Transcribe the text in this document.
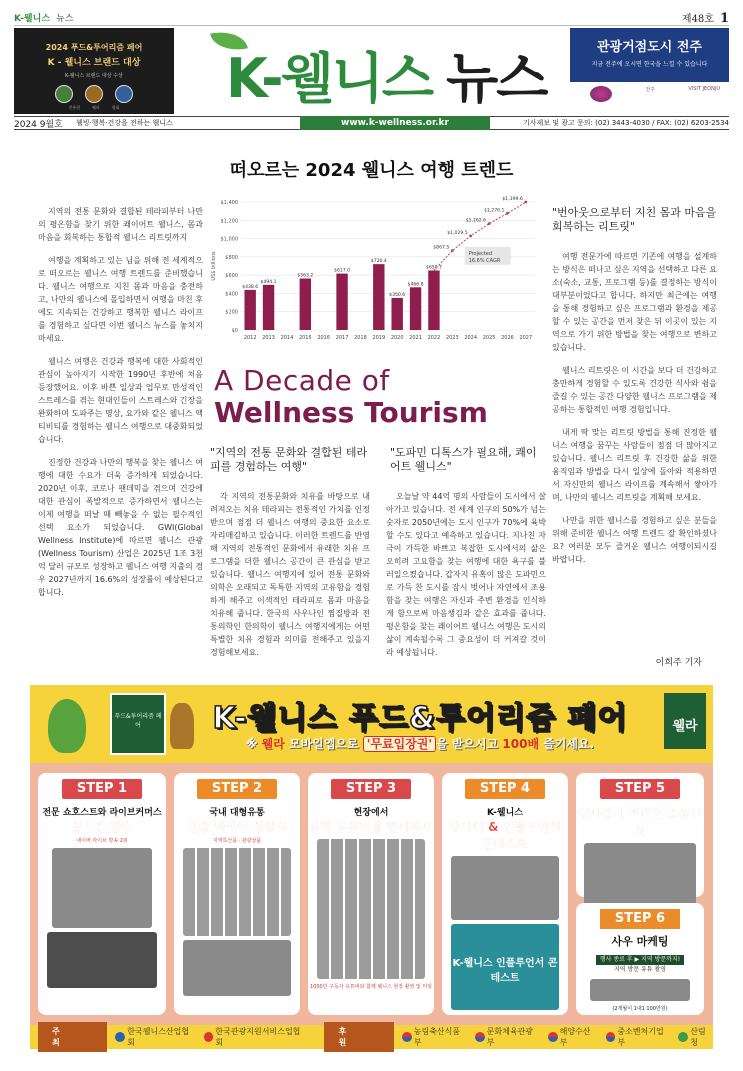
K-웰니스 뉴스	제48호 1
2024 푸드&투어리즘 페어
K - 웰니스 브랜드 대상
K-웰니스 브랜드 대상 수상
진흥원	웰라	협회 K-웰니스 뉴스	관광거점도시 전주
지금 전주에 오시면 한국을 느낄 수 있습니다
전주	VISIT JEONJU
2024 9월호	웰빙·행복·건강을 전하는 웰니스	www.k-wellness.or.kr	기사제보 및 광고 문의: (02) 3443-4030 / FAX: (02) 6203-2534
떠오르는 2024 웰니스 여행 트렌드

지역의 전통 문화와 결합된 테라피부터 나만의 평온함을 찾기 위한 쾌이어트 웰니스, 몸과 마음을 회복하는 통합적 웰니스 리트릿까지

여행을 계획하고 있는 님을 위해 전 세계적으로 떠오르는 웰니스 여행 트렌드를 준비했습니다. 웰니스 여행으로 지친 몸과 마음을 충전하고, 나만의 웰니스에 몰입하면서 여행을 마친 후에도 지속되는 건강하고 행복한 웰니스 라이프를 경험하고 싶다면 이번 웰니스 뉴스를 놓치지 마세요.

웰니스 여행은 건강과 행복에 대한 사회적인 관심이 높아지기 시작한 1990년 후반에 처음 등장했어요. 이후 바쁜 일상과 업무로 만성적인 스트레스를 겪는 현대인들이 스트레스와 긴장을 완화하며 도파주는 명상, 요가와 같은 웰니스 액티비티를 경험하는 웰니스 여행으로 대중화되었습니다.

진정한 건강과 나만의 행복을 찾는 웰니스 여행에 대한 수요가 더욱 증가하게 되었습니다. 2020년 이후, 코로나 팬데믹을 겪으며 건강에 대한 관심이 폭발적으로 증가하면서 웰니스는 이제 여행을 떠날 때 빼놓을 수 없는 필수적인 선택 요소가 되었습니다. GWI(Global Wellness Institute)에 따르면 웰니스 관광(Wellness Tourism) 산업은 2025년 1조 3천억 달러 규모로 성장하고 웰니스 여행 지출의 경우 2027년까지 16.6%의 성장률이 예상된다고 합니다.

$0
$200
$400
$600
$800
$1,000
$1,200
$1,400
US$ billions
2012 2013 2014 2015 2016 2017 2018 2019 2020 2021 2022 2023 2024 2025 2026 2027
$438.6
$494.1
$563.2
$617.0
$720.4
$350.6
$466.8
$650.7
$867.5
$1,029.5
$1,162.6
$1,276.1
$1,399.6
Projected
16.6% CAGR
A Decade of
Wellness Tourism
"번아웃으로부터 지친 몸과 마음을 회복하는 리트릿"

여행 전문가에 따르면 기존에 여행을 설계하는 방식은 떠나고 싶은 지역을 선택하고 다른 요소(숙소, 교통, 프로그램 등)를 결정하는 방식이 대부분이었다고 합니다. 하지만 최근에는 여행을 통해 경험하고 싶은 프로그램과 환경을 제공할 수 있는 공간을 먼저 찾은 뒤 이곳이 있는 지역으로 가기 위한 방법을 찾는 여행으로 변하고 있습니다.

웰니스 리트릿은 이 시간을 보다 더 건강하고 충만하게 경험할 수 있도록 건강한 식사와 쉼을 즐길 수 있는 공간 다양한 웰니스 프로그램을 제공하는 통합적인 여행 경험입니다.

내게 딱 맞는 리트릿 방법을 통해 진정한 웰니스 여행을 꿈꾸는 사람들이 점점 더 많아지고 있습니다. 웰니스 리트릿 후 건강한 삶을 위한 움직임과 방법을 다시 일상에 돌아와 적용하면서 자신만의 웰니스 라이프를 계속해서 쌓아가며, 나만의 웰니스 리트릿을 계획해 보세요.

나만을 위한 웰니스를 경험하고 싶은 분들을 위해 준비한 웰니스 여행 트렌드 잘 확인하셨나요? 여러분 모두 즐거운 웰니스 여행이되시길 바랍니다.

"지역의 전통 문화와 결합된 테라피를 경험하는 여행"
"도파민 디톡스가 필요해, 쾌이어트 웰니스"

각 지역의 전통문화와 치유를 바탕으로 내려져오는 치유 테라피는 전통적인 가치를 인정받으며 점점 더 웰니스 여행의 중요한 요소로 자리매김하고 있습니다. 이러한 트렌드를 반영해 지역의 전통적인 문화에서 유래한 치유 프로그램을 더한 웰니스 공간이 큰 관심을 받고 있습니다. 웰니스 여행지에 있어 전통 문화와 의학은 오래되고 독특한 지역의 고유함을 경험하게 해주고 이색적인 테라피로 몸과 마음을 치유해 줍니다. 한국의 사우나인 찜질방과 전통의학인 한의학이 웰니스 여행지에게는 어떤 특별한 치유 경험과 의미를 전해주고 있을지 경험해보세요.

오늘날 약 44억 명의 사람들이 도시에서 살아가고 있습니다. 전 세계 인구의 50%가 넘는 숫자로 2050년에는 도시 인구가 70%에 육박할 수도 있다고 예측하고 있습니다. 지나친 자극이 가득한 바쁘고 복잡한 도시에서의 삶은 오히려 고요함을 찾는 여행에 대한 욕구를 불러일으켰습니다. 갑자지 유혹이 많은 도파민으로 가득 찬 도시를 잠시 벗어나 자연에서 조용함을 찾는 여행은 자신과 주변 환경을 인식하게 함으로써 마음챙김과 같은 효과를 줍니다. 평온함을 찾는 쾌이어트 웰니스 여행은 도시의 삶이 계속될수록 그 중요성이 더 커져갈 것이라 예상됩니다.

이희주 기자
푸드&투어리즘 페어	K-웰니스 푸드&투어리즘 페어
※ 웰라 모바일앱으로 '무료입장권' 을 받으시고 100배 즐기세요.
웰라
STEP 1
전문 쇼호스트와 라이브커머스
실시간 방송
네이버 라이브 방송 2위
STEP 2
국내 대형유통
현장 바이어 상담회
지역특산품 · 관광상품
STEP 3
현장에서
유명 유튜버를 만나세요
1000만 구독자 유튜버와 함께 웰니스 현장 촬영 및 미팅
STEP 4
K-웰니스
팜파티 & 인플루언서 콘테스트
K-웰니스 인플루언서 콘테스트
STEP 5
행사장이 거대한 스튜디오
STEP 6
사우 마케팅
행사 종료 후 ▶ 지역 방문까지!
지역 방문 유튜 촬영
(2개월이 1대1 100만원)
주 최
한국웰니스산업협회
한국관광지원서비스업협회
후 원
농림축산식품부
문화체육관광부
해양수산부
중소벤처기업부
산림청
